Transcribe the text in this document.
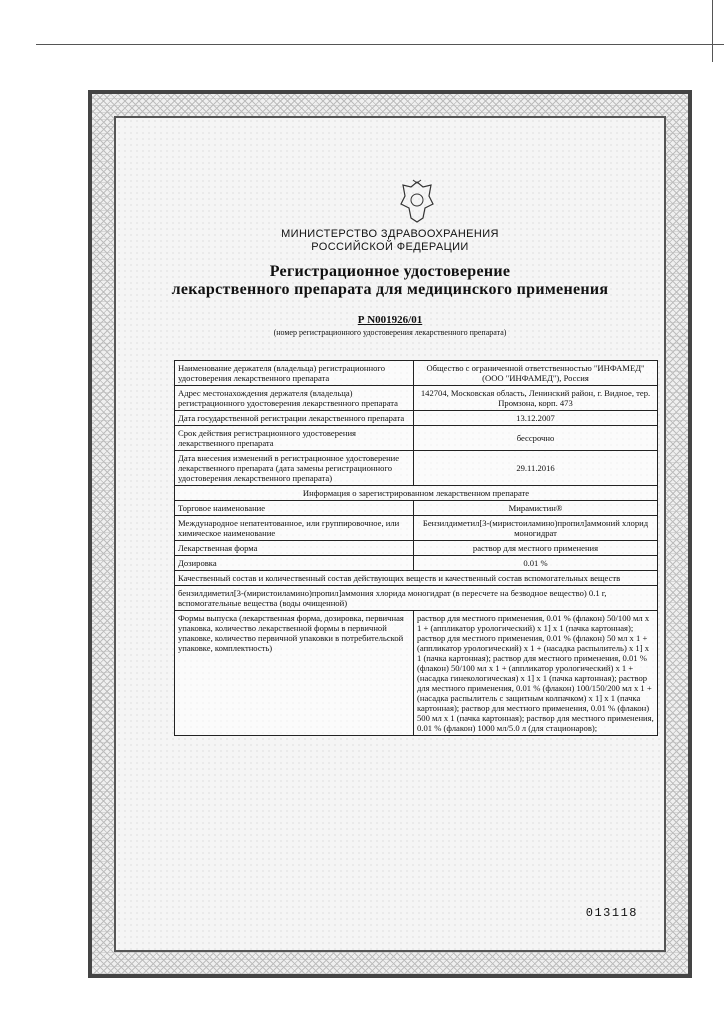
МИНИСТЕРСТВО ЗДРАВООХРАНЕНИЯ
РОССИЙСКОЙ ФЕДЕРАЦИИ
Регистрационное удостоверение
лекарственного препарата для медицинского применения
Р N001926/01
(номер регистрационного удостоверения лекарственного препарата)
Наименование держателя (владельца) регистрационного удостоверения лекарственного препарата	Общество с ограниченной ответственностью "ИНФАМЕД" (ООО "ИНФАМЕД"), Россия
Адрес местонахождения держателя (владельца) регистрационного удостоверения лекарственного препарата	142704, Московская область, Ленинский район, г. Видное, тер. Промзона, корп. 473
Дата государственной регистрации лекарственного препарата	13.12.2007
Срок действия регистрационного удостоверения лекарственного препарата	бессрочно
Дата внесения изменений в регистрационное удостоверение лекарственного препарата (дата замены регистрационного удостоверения лекарственного препарата)	29.11.2016
Информация о зарегистрированном лекарственном препарате	
Торговое наименование	Мирамистин®
Международное непатентованное, или группировочное, или химическое наименование	Бензилдиметил[3-(миристоиламино)пропил]аммоний хлорид моногидрат
Лекарственная форма	раствор для местного применения
Дозировка	0.01 %
Качественный состав и количественный состав действующих веществ и качественный состав вспомогательных веществ	
бензилдиметил[3-(миристоиламино)пропил]аммония хлорида моногидрат (в пересчете на безводное вещество) 0.1 г, вспомогательные вещества (воды очищенной)	
Формы выпуска (лекарственная форма, дозировка, первичная упаковка, количество лекарственной формы в первичной упаковке, количество первичной упаковки в потребительской упаковке, комплектность)	раствор для местного применения, 0.01 % (флакон) 50/100 мл х 1 + (аппликатор урологический) х 1] х 1 (пачка картонная); раствор для местного применения, 0.01 % (флакон) 50 мл х 1 + (аппликатор урологический) х 1 + (насадка распылитель) х 1] х 1 (пачка картонная); раствор для местного применения, 0.01 % (флакон) 50/100 мл х 1 + (аппликатор урологический) х 1 + (насадка гинекологическая) х 1] х 1 (пачка картонная); раствор для местного применения, 0.01 % (флакон) 100/150/200 мл х 1 + (насадка распылитель с защитным колпачком) х 1] х 1 (пачка картонная); раствор для местного применения, 0.01 % (флакон) 500 мл х 1 (пачка картонная); раствор для местного применения, 0.01 % (флакон) 1000 мл/5.0 л (для стационаров);
013118
